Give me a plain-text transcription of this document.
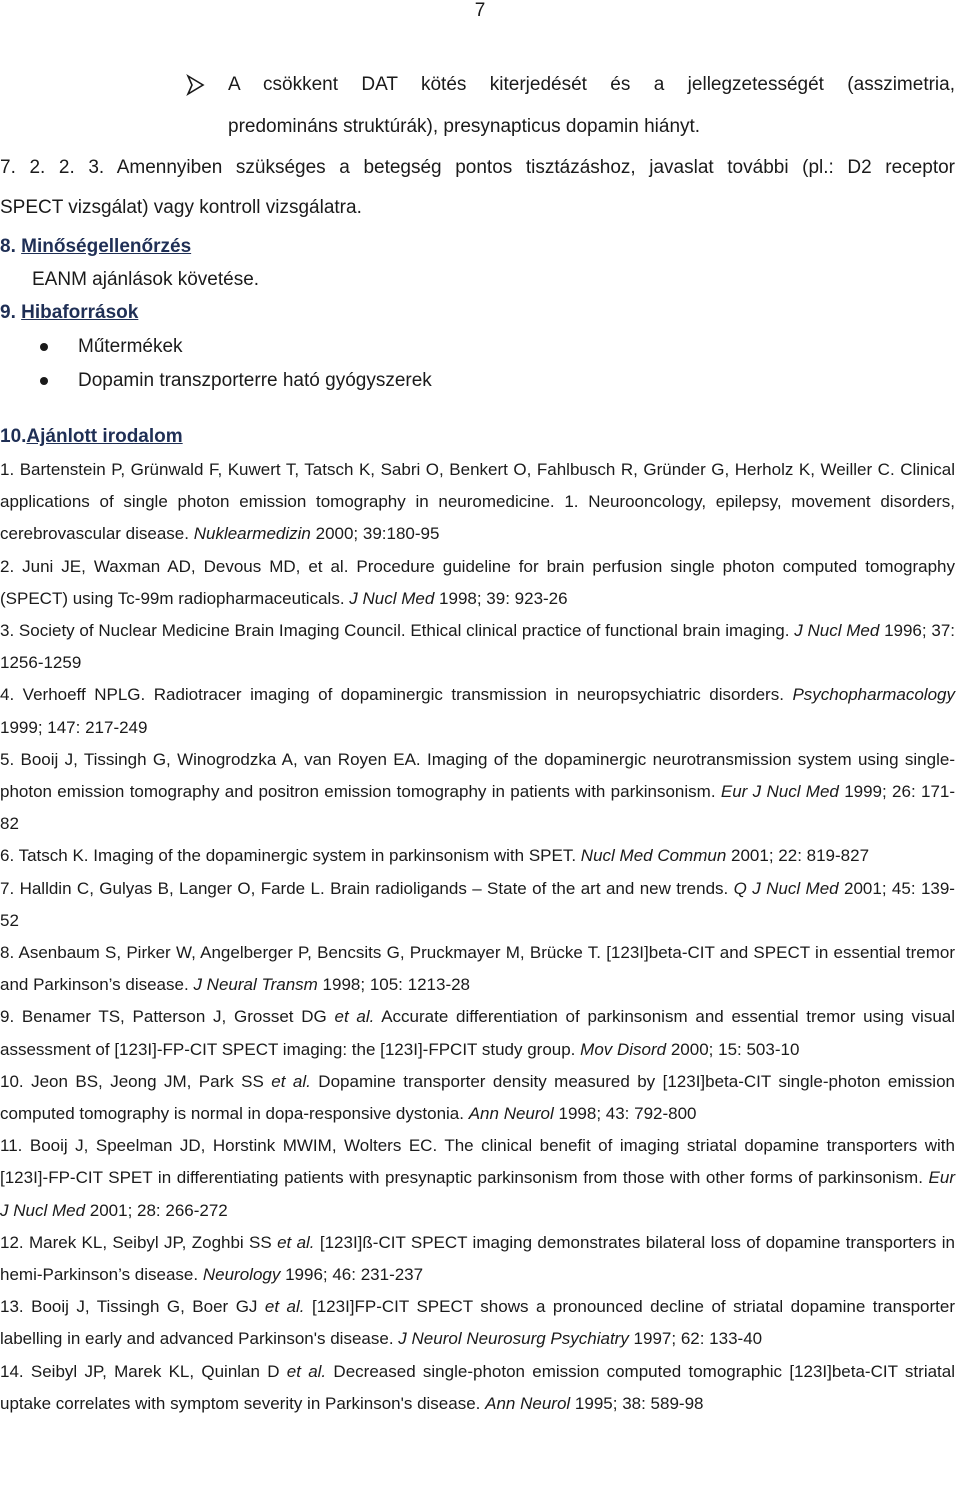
7
A csökkent DAT kötés kiterjedését és a jellegzetességét (asszimetria,
predomináns struktúrák), presynapticus dopamin hiányt.
7. 2. 2. 3. Amennyiben szükséges a betegség pontos tisztázáshoz, javaslat további (pl.: D2 receptor
SPECT vizsgálat) vagy kontroll vizsgálatra.
8. Minőségellenőrzés
EANM ajánlások követése.
9. Hibaforrások
Műtermékek
Dopamin transzporterre ható gyógyszerek
10.Ajánlott irodalom

1. Bartenstein P, Grünwald F, Kuwert T, Tatsch K, Sabri O, Benkert O, Fahlbusch R, Gründer G, Herholz K, Weiller C. Clinical applications of single photon emission tomography in neuromedicine. 1. Neurooncology, epilepsy, movement disorders, cerebrovascular disease. Nuklearmedizin 2000; 39:180-95

2. Juni JE, Waxman AD, Devous MD, et al. Procedure guideline for brain perfusion single photon computed tomography (SPECT) using Tc-99m radiopharmaceuticals. J Nucl Med 1998; 39: 923-26

3. Society of Nuclear Medicine Brain Imaging Council. Ethical clinical practice of functional brain imaging. J Nucl Med 1996; 37: 1256-1259

4. Verhoeff NPLG. Radiotracer imaging of dopaminergic transmission in neuropsychiatric disorders. Psychopharmacology 1999; 147: 217-249

5. Booij J, Tissingh G, Winogrodzka A, van Royen EA. Imaging of the dopaminergic neurotransmission system using single-photon emission tomography and positron emission tomography in patients with parkinsonism. Eur J Nucl Med 1999; 26: 171-82

6. Tatsch K. Imaging of the dopaminergic system in parkinsonism with SPET. Nucl Med Commun 2001; 22: 819-827

7. Halldin C, Gulyas B, Langer O, Farde L. Brain radioligands – State of the art and new trends. Q J Nucl Med 2001; 45: 139-52

8. Asenbaum S, Pirker W, Angelberger P, Bencsits G, Pruckmayer M, Brücke T. [123I]beta-CIT and SPECT in essential tremor and Parkinson’s disease. J Neural Transm 1998; 105: 1213-28

9. Benamer TS, Patterson J, Grosset DG et al. Accurate differentiation of parkinsonism and essential tremor using visual assessment of [123I]-FP-CIT SPECT imaging: the [123I]-FPCIT study group. Mov Disord 2000; 15: 503-10

10. Jeon BS, Jeong JM, Park SS et al. Dopamine transporter density measured by [123I]beta-CIT single-photon emission computed tomography is normal in dopa-responsive dystonia. Ann Neurol 1998; 43: 792-800

11. Booij J, Speelman JD, Horstink MWIM, Wolters EC. The clinical benefit of imaging striatal dopamine transporters with [123I]-FP-CIT SPET in differentiating patients with presynaptic parkinsonism from those with other forms of parkinsonism. Eur J Nucl Med 2001; 28: 266-272

12. Marek KL, Seibyl JP, Zoghbi SS et al. [123I]ß-CIT SPECT imaging demonstrates bilateral loss of dopamine transporters in hemi-Parkinson’s disease. Neurology 1996; 46: 231-237

13. Booij J, Tissingh G, Boer GJ et al. [123I]FP-CIT SPECT shows a pronounced decline of striatal dopamine transporter labelling in early and advanced Parkinson's disease. J Neurol Neurosurg Psychiatry 1997; 62: 133-40

14. Seibyl JP, Marek KL, Quinlan D et al. Decreased single-photon emission computed tomographic [123I]beta-CIT striatal uptake correlates with symptom severity in Parkinson's disease. Ann Neurol 1995; 38: 589-98
